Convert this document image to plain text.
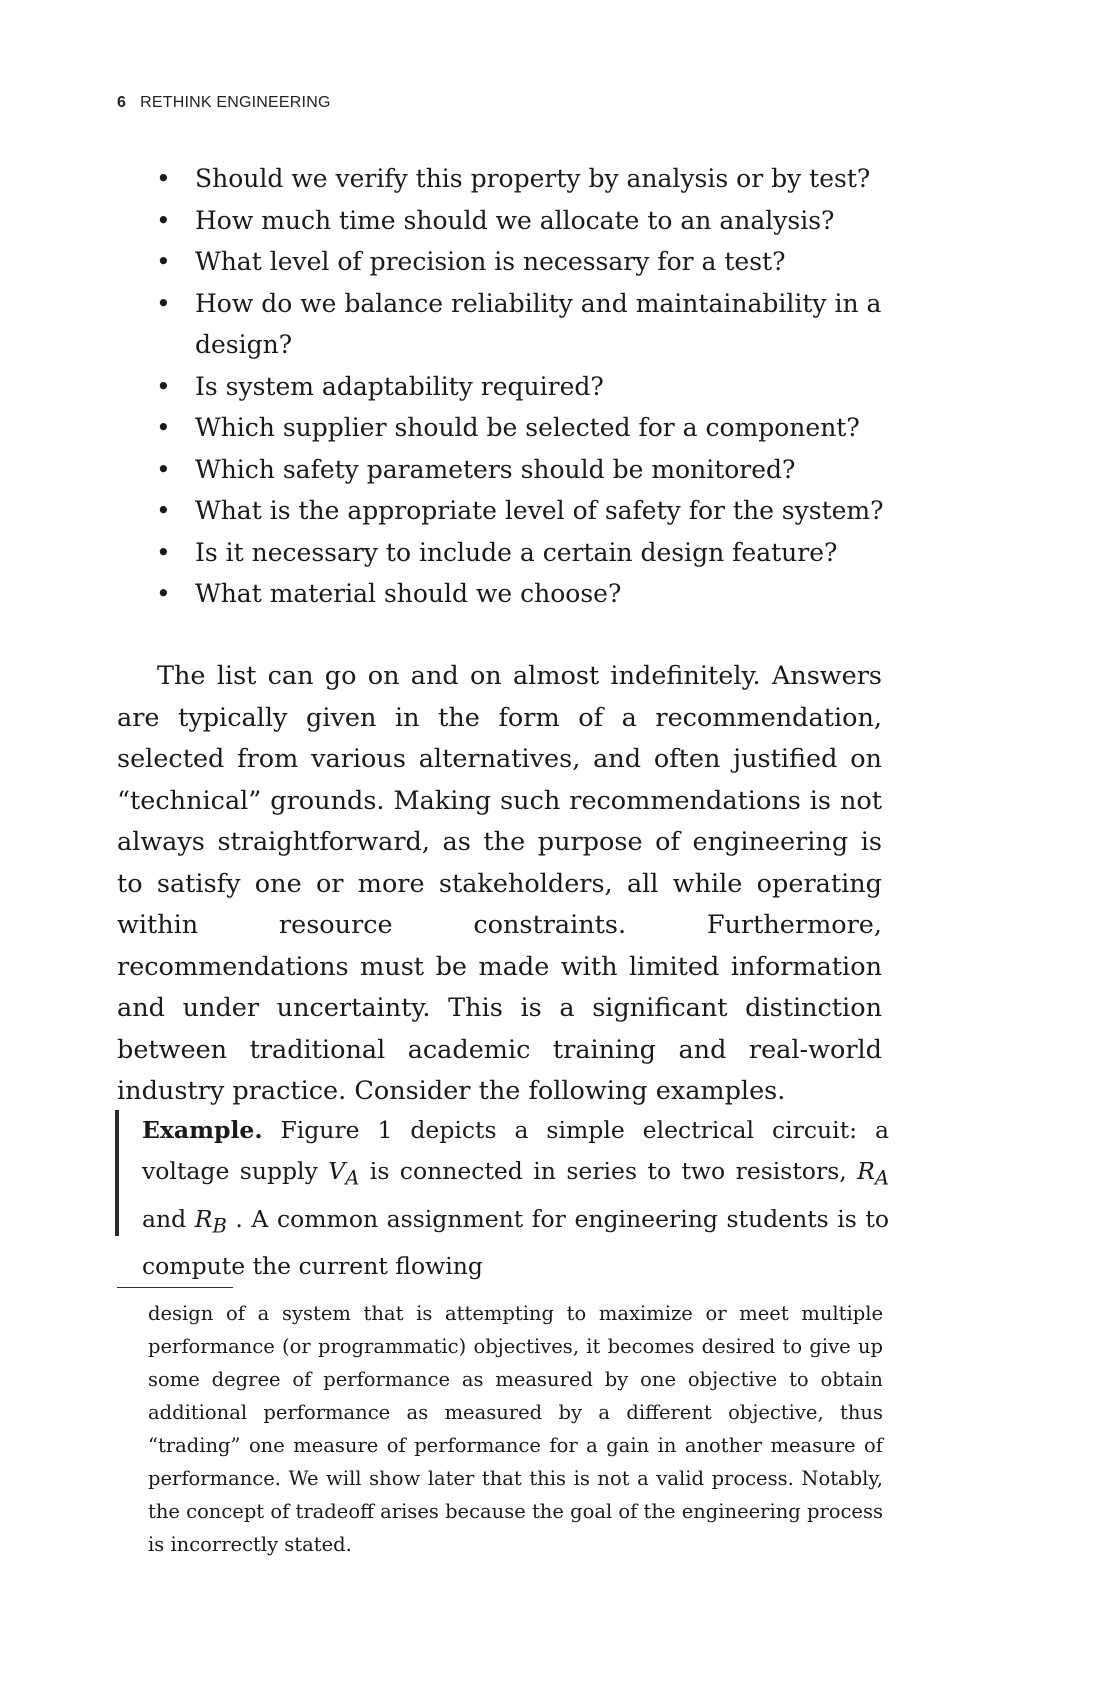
6 RETHINK ENGINEERING
• Should we verify this property by analysis or by test?
• How much time should we allocate to an analysis?
• What level of precision is necessary for a test?
• How do we balance reliability and maintainability in a design?
• Is system adaptability required?
• Which supplier should be selected for a component?
• Which safety parameters should be monitored?
• What is the appropriate level of safety for the system?
• Is it necessary to include a certain design feature?
• What material should we choose?

The list can go on and on almost indefinitely. Answers are typically given in the form of a recommendation, selected from various alternatives, and often justified on “technical” grounds. Making such recommendations is not always straightforward, as the purpose of engineering is to satisfy one or more stakeholders, all while operating within resource constraints. Furthermore, recommendations must be made with limited information and under uncertainty. This is a significant distinction between traditional academic training and real-world industry practice. Consider the following examples.

Example. Figure 1 depicts a simple electrical circuit: a voltage supply $V_A$ is connected in series to two resistors, $R_A$ and $R_B$ . A common assignment for engineering students is to compute the current flowing

design of a system that is attempting to maximize or meet multiple performance (or programmatic) objectives, it becomes desired to give up some degree of performance as measured by one objective to obtain additional performance as measured by a different objective, thus “trading” one measure of performance for a gain in another measure of performance. We will show later that this is not a valid process. Notably, the concept of tradeoff arises because the goal of the engineering process is incorrectly stated.
